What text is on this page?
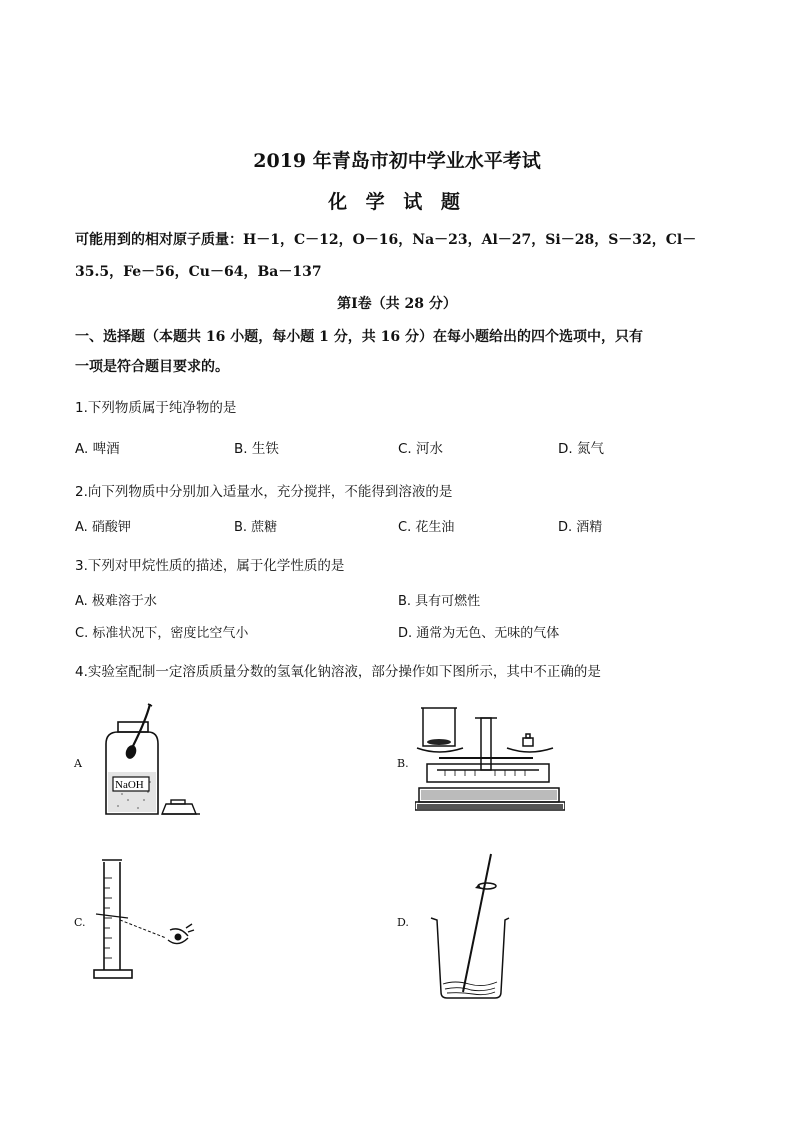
2019 年青岛市初中学业水平考试
化 学 试 题
可能用到的相对原子质量：H－1，C－12，O－16，Na－23，Al－27，Si－28，S－32，Cl－
35.5，Fe－56，Cu－64，Ba－137
第Ⅰ卷（共 28 分）
一、选择题（本题共 16 小题，每小题 1 分，共 16 分）在每小题给出的四个选项中，只有
一项是符合题目要求的。
1.下列物质属于纯净物的是
A. 啤酒	B. 生铁	C. 河水	D. 氮气
2.向下列物质中分别加入适量水，充分搅拌，不能得到溶液的是
A. 硝酸钾	B. 蔗糖	C. 花生油	D. 酒精
3.下列对甲烷性质的描述，属于化学性质的是
A. 极难溶于水	B. 具有可燃性
C. 标准状况下，密度比空气小	D. 通常为无色、无味的气体
4.实验室配制一定溶质质量分数的氢氧化钠溶液，部分操作如下图所示，其中不正确的是
A	B.
C.	D.
NaOH
